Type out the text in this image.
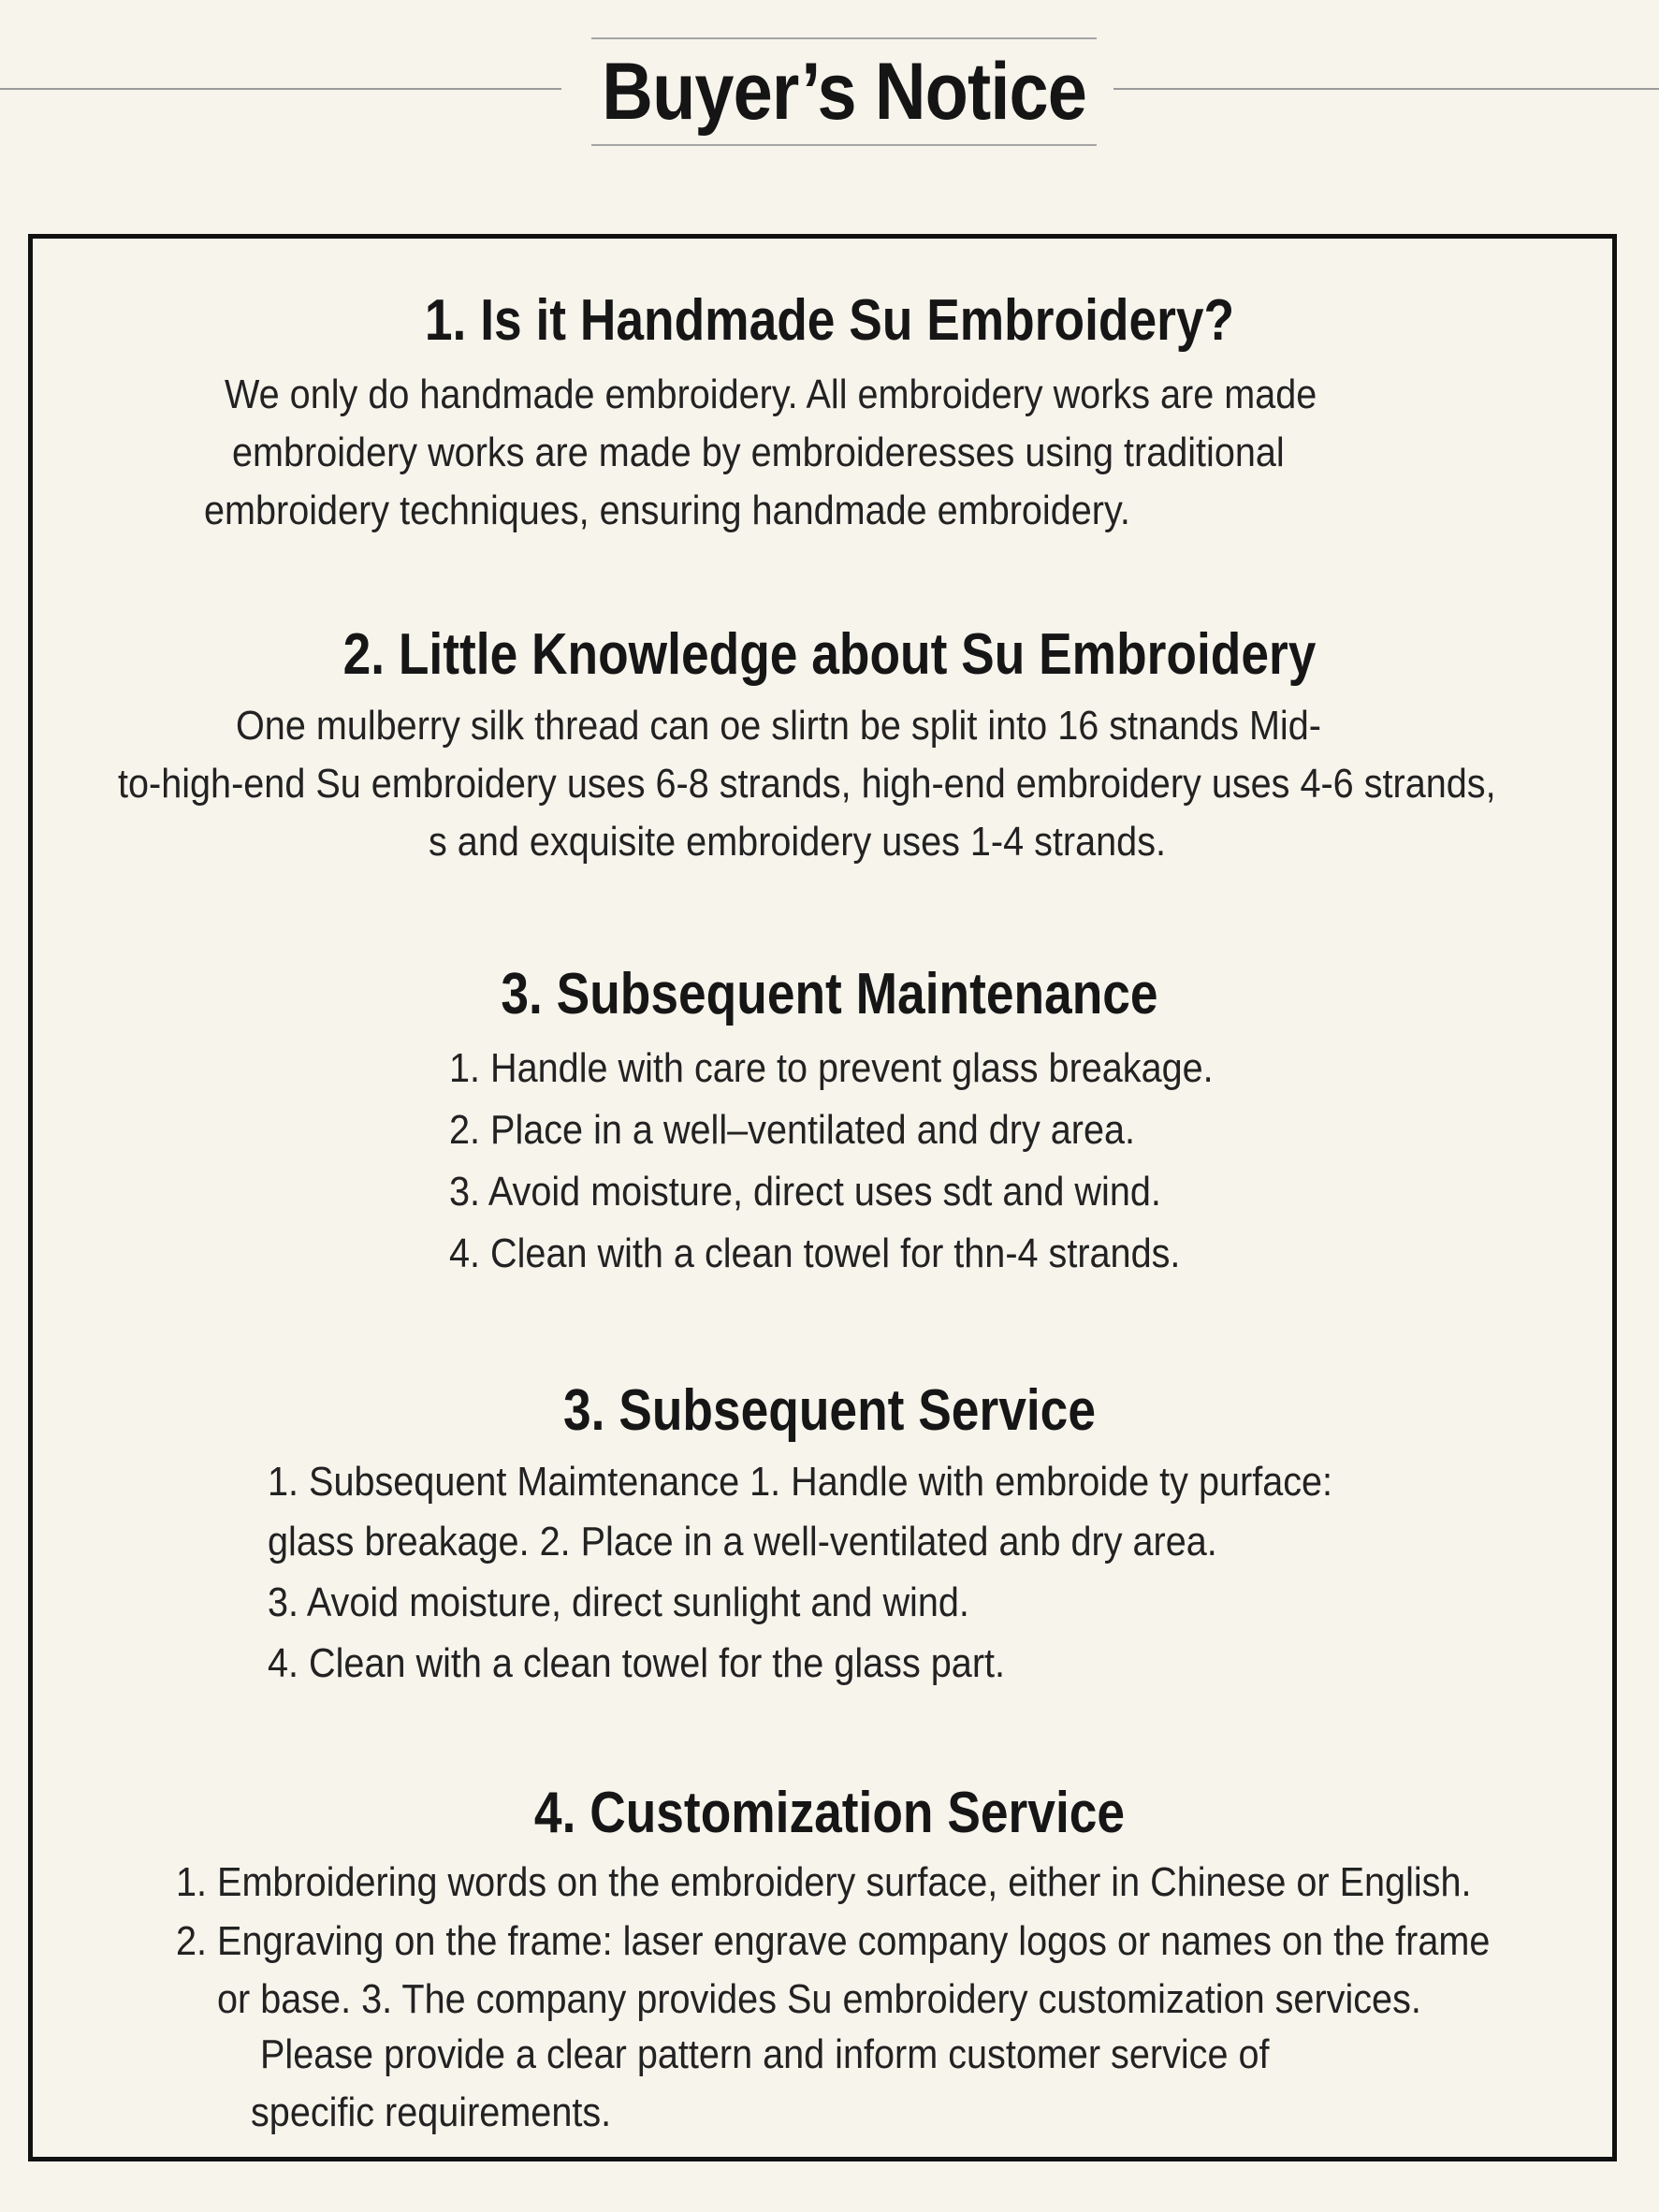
Buyer’s Notice
1. Is it Handmade Su Embroidery?
We only do handmade embroidery. All embroidery works are made
embroidery works are made by embroideresses using traditional
embroidery techniques, ensuring handmade embroidery.
2. Little Knowledge about Su Embroidery
One mulberry silk thread can oe slirtn be split into 16 stnands Mid-
to-high-end Su embroidery uses 6-8 strands, high-end embroidery uses 4-6 strands,
s and exquisite embroidery uses 1-4 strands.
3. Subsequent Maintenance
1. Handle with care to prevent glass breakage.
2. Place in a well–ventilated and dry area.
3. Avoid moisture, direct uses sdt and wind.
4. Clean with a clean towel for thn-4 strands.
3. Subsequent Service
1. Subsequent Maimtenance 1. Handle with embroide ty purface:
glass breakage. 2. Place in a well-ventilated anb dry area.
3. Avoid moisture, direct sunlight and wind.
4. Clean with a clean towel for the glass part.
4. Customization Service
1. Embroidering words on the embroidery surface, either in Chinese or English.
2. Engraving on the frame: laser engrave company logos or names on the frame
or base. 3. The company provides Su embroidery customization services.
Please provide a clear pattern and inform customer service of
specific requirements.
